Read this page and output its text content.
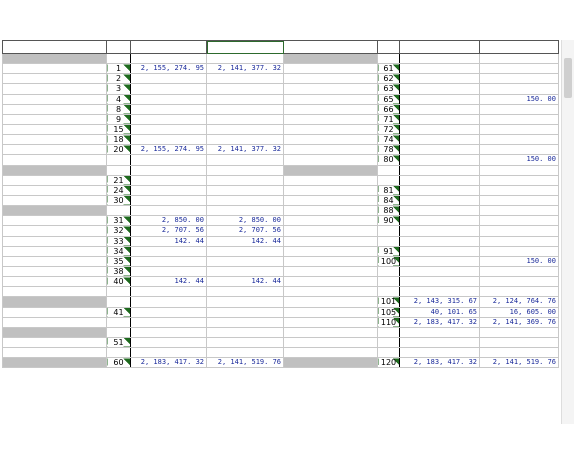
	1	2, 155, 274. 95	2, 141, 377. 32		61		
	2				62		
	3				63		
	4				65		150. 00
	8				66		
	9				71		
	15				72		
	18				74		
	20	2, 155, 274. 95	2, 141, 377. 32		78		
					80		150. 00

	21						
	24				81		
	30				84		
					88		
	31	2, 850. 00	2, 850. 00		90		
	32	2, 707. 56	2, 707. 56				
	33	142. 44	142. 44				
	34				91		
	35				100		150. 00
	38						
	40	142. 44	142. 44				

					101	2, 143, 315. 67	2, 124, 764. 76
	41				105	40, 101. 65	16, 605. 00
					110	2, 183, 417. 32	2, 141, 369. 76

	51						

	60	2, 183, 417. 32	2, 141, 519. 76		120	2, 183, 417. 32	2, 141, 519. 76
